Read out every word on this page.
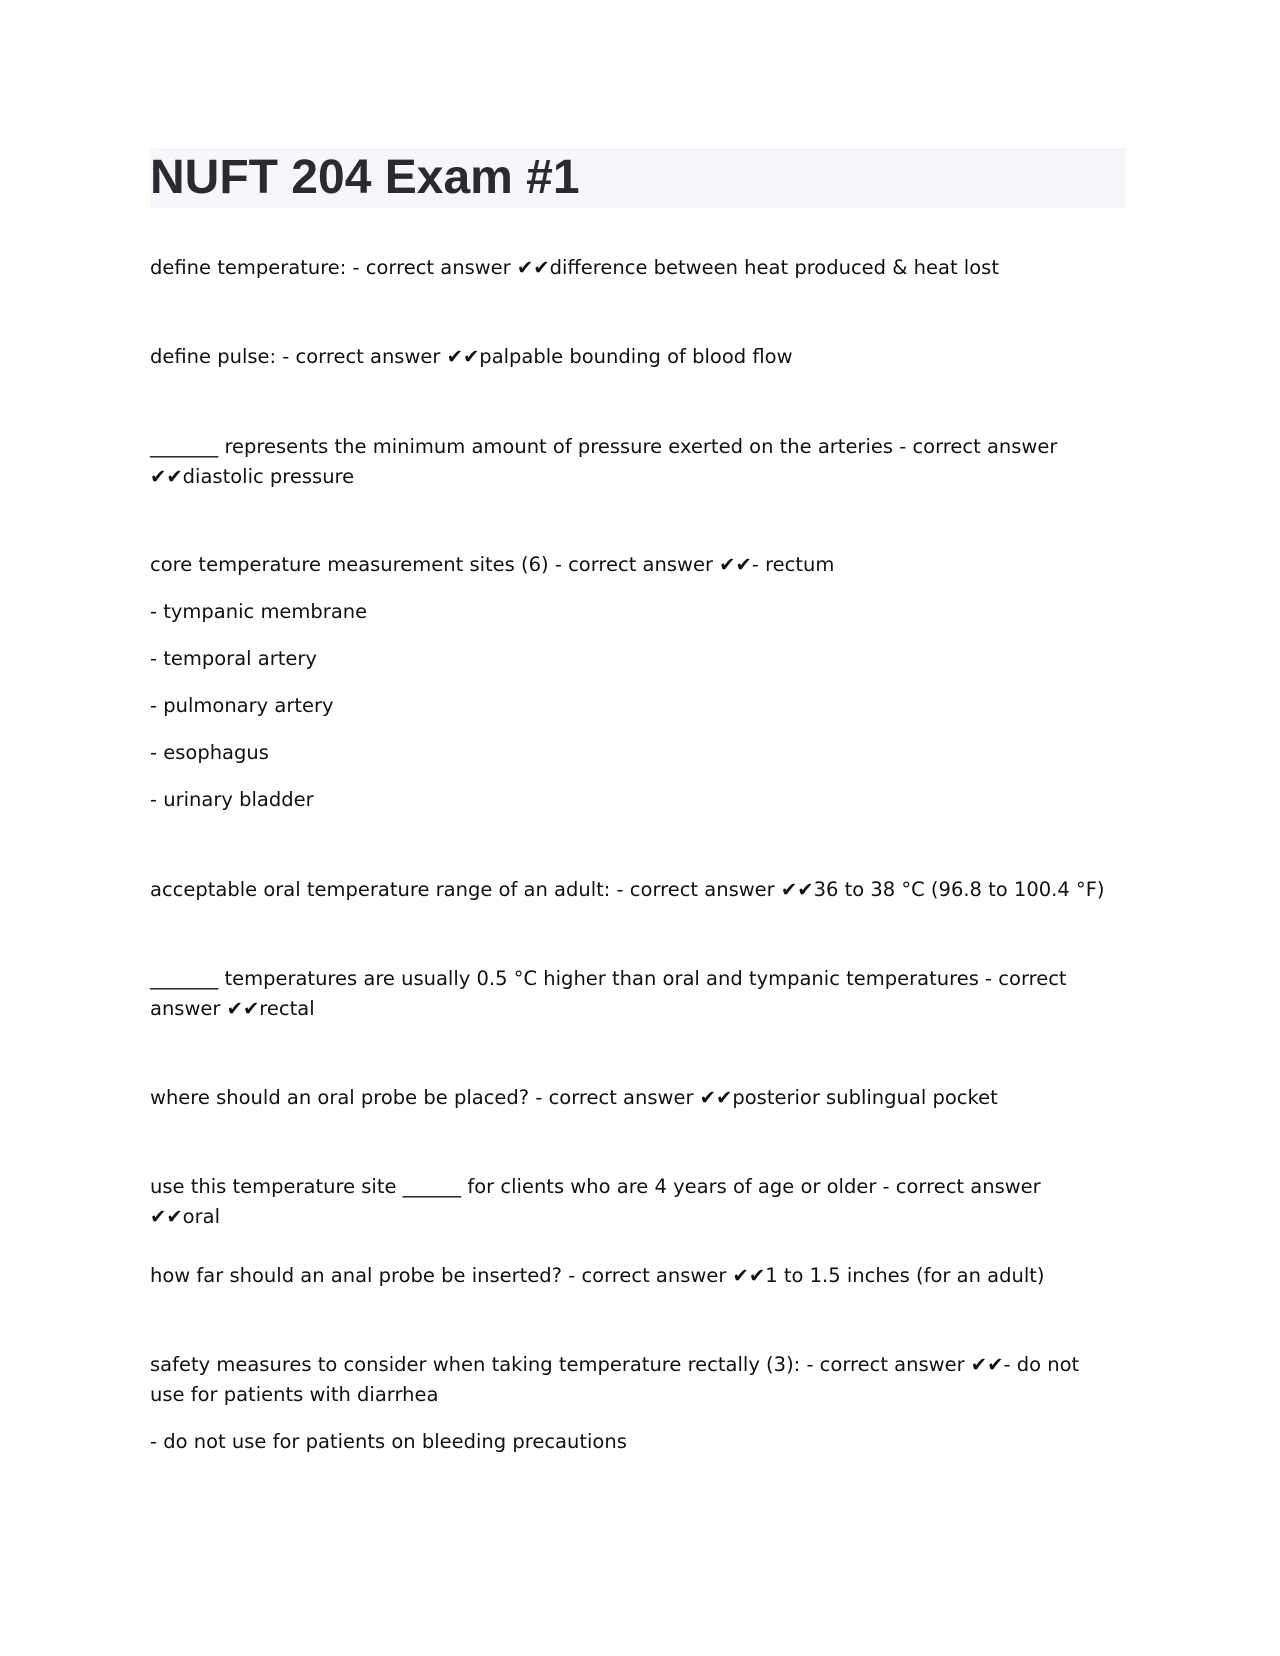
NUFT 204 Exam #1

define temperature: - correct answer ✔✔difference between heat produced & heat lost

define pulse: - correct answer ✔✔palpable bounding of blood flow

_______ represents the minimum amount of pressure exerted on the arteries - correct answer ✔✔diastolic pressure

core temperature measurement sites (6) - correct answer ✔✔- rectum

- tympanic membrane

- temporal artery

- pulmonary artery

- esophagus

- urinary bladder

acceptable oral temperature range of an adult: - correct answer ✔✔36 to 38 °C (96.8 to 100.4 °F)

_______ temperatures are usually 0.5 °C higher than oral and tympanic temperatures - correct answer ✔✔rectal

where should an oral probe be placed? - correct answer ✔✔posterior sublingual pocket

use this temperature site ______ for clients who are 4 years of age or older - correct answer ✔✔oral

how far should an anal probe be inserted? - correct answer ✔✔1 to 1.5 inches (for an adult)

safety measures to consider when taking temperature rectally (3): - correct answer ✔✔- do not use for patients with diarrhea

- do not use for patients on bleeding precautions
